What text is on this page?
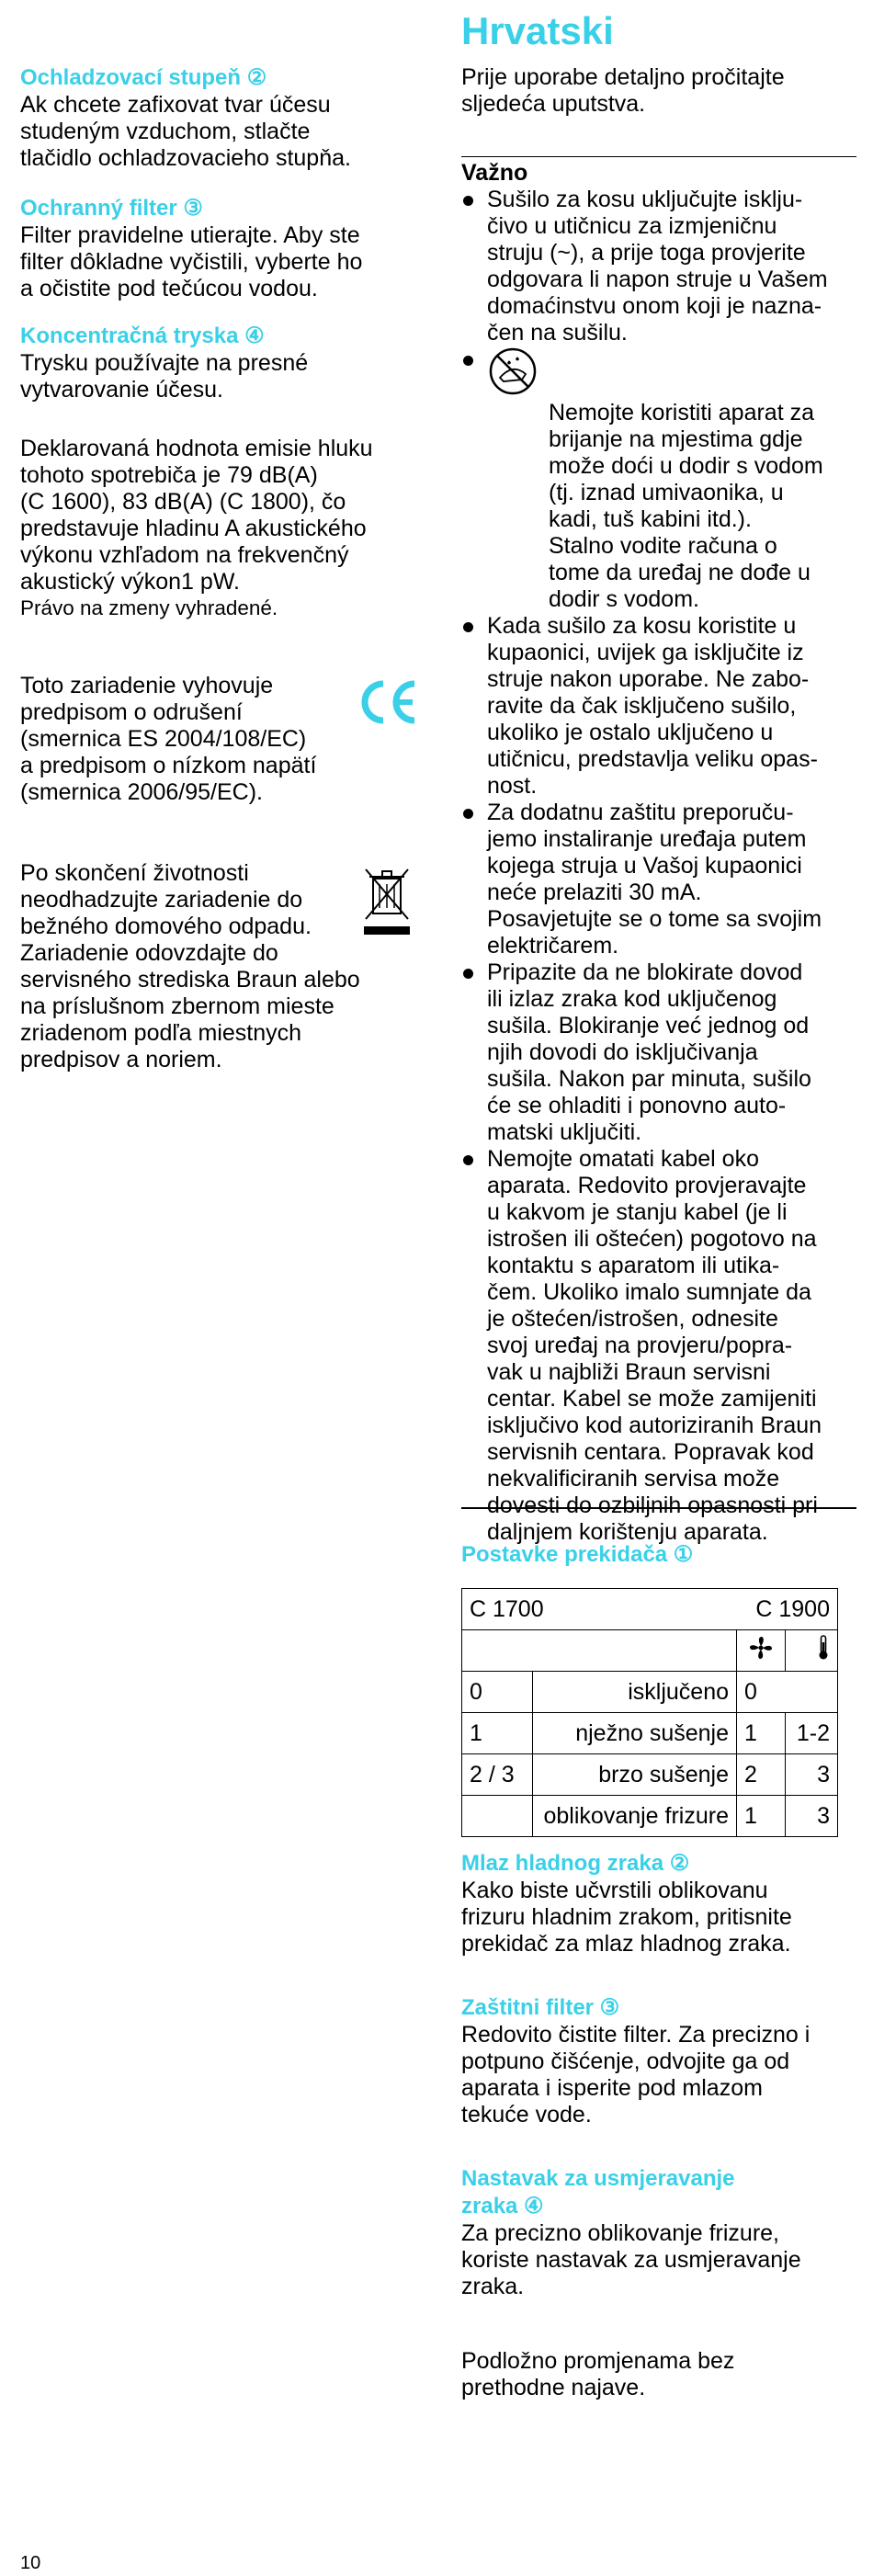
Ochladzovací stupeň ②

Ak chcete zafixovat tvar účesu
studeným vzduchom, stlačte
tlačidlo ochladzovacieho stupňa.

Ochranný filter ③

Filter pravidelne utierajte. Aby ste
filter dôkladne vyčistili, vyberte ho
a očistite pod tečúcou vodou.

Koncentračná tryska ④

Trysku používajte na presné
vytvarovanie účesu.

Deklarovaná hodnota emisie hluku
tohoto spotrebiča je 79 dB(A)
(C 1600), 83 dB(A) (C 1800), čo
predstavuje hladinu A akustického
výkonu vzhľadom na frekvenčný
akustický výkon1 pW.

Právo na zmeny vyhradené.

Toto zariadenie vyhovuje
predpisom o odrušení
(smernica ES 2004/108/EC)
a predpisom o nízkom napätí
(smernica 2006/95/EC).

Po skončení životnosti
neodhadzujte zariadenie do
bežného domového odpadu.
Zariadenie odovzdajte do
servisného strediska Braun alebo
na príslušnom zbernom mieste
zriadenom podľa miestnych
predpisov a noriem.

Hrvatski

Prije uporabe detaljno pročitajte
sljedeća uputstva.

Važno

Sušilo za kosu uključujte isklju-
čivo u utičnicu za izmjeničnu
struju (~), a prije toga provjerite
odgovara li napon struje u Vašem
domaćinstvu onom koji je nazna-
čen na sušilu.

Nemojte koristiti aparat za
brijanje na mjestima gdje
može doći u dodir s vodom
(tj. iznad umivaonika, u
kadi, tuš kabini itd.).
Stalno vodite računa o
tome da uređaj ne dođe u
dodir s vodom.
Kada sušilo za kosu koristite u
kupaonici, uvijek ga isključite iz
struje nakon uporabe. Ne zabo-
ravite da čak isključeno sušilo,
ukoliko je ostalo uključeno u
utičnicu, predstavlja veliku opas-
nost.
Za dodatnu zaštitu preporuču-
jemo instaliranje uređaja putem
kojega struja u Vašoj kupaonici
neće prelaziti 30 mA.
Posavjetujte se o tome sa svojim
električarem.
Pripazite da ne blokirate dovod
ili izlaz zraka kod uključenog
sušila. Blokiranje već jednog od
njih dovodi do isključivanja
sušila. Nakon par minuta, sušilo
će se ohladiti i ponovno auto-
matski uključiti.
Nemojte omatati kabel oko
aparata. Redovito provjeravajte
u kakvom je stanju kabel (je li
istrošen ili oštećen) pogotovo na
kontaktu s aparatom ili utika-
čem. Ukoliko imalo sumnjate da
je oštećen/istrošen, odnesite
svoj uređaj na provjeru/popra-
vak u najbliži Braun servisni
centar. Kabel se može zamijeniti
isključivo kod autoriziranih Braun
servisnih centara. Popravak kod
nekvalificiranih servisa može
dovesti do ozbiljnih opasnosti pri
daljnjem korištenju aparata.

Postavke prekidača ①

C 1700		C 1900	

0	isključeno	0	
1	nježno sušenje	1	1-2
2 / 3	brzo sušenje	2	3
	oblikovanje frizure	1	3

Mlaz hladnog zraka ②

Kako biste učvrstili oblikovanu
frizuru hladnim zrakom, pritisnite
prekidač za mlaz hladnog zraka.

Zaštitni filter ③

Redovito čistite filter. Za precizno i
potpuno čišćenje, odvojite ga od
aparata i isperite pod mlazom
tekuće vode.

Nastavak za usmjeravanje
zraka ④

Za precizno oblikovanje frizure,
koriste nastavak za usmjeravanje
zraka.

Podložno promjenama bez
prethodne najave.

10
